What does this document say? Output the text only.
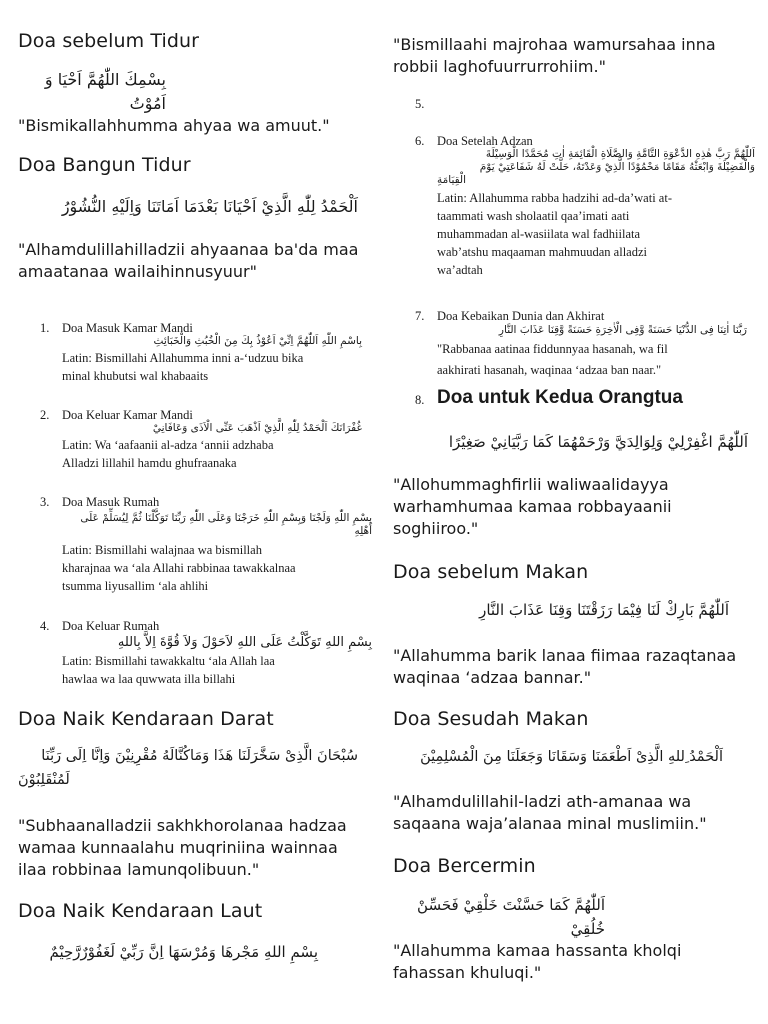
Doa sebelum Tidur

بِسْمِكَ اللّٰهُمَّ اَحْيَا وَ اَمُوْتُ

"Bismikallahhumma ahyaa wa amuut."

Doa Bangun Tidur

اَلْحَمْدُ لِلّٰهِ الَّذِيْ اَحْيَانَا بَعْدَمَا اَمَاتَنَا وَاِلَيْهِ النُّشُوْرُ

"Alhamdulillahilladzii ahyaanaa ba'da maa

amaatanaa wailaihinnusyuur"

1. Doa Masuk Kamar Mandi

بِاسْمِ اللّٰهِ اَللّٰهُمَّ اِنِّيْ اَعُوْذُ بِكَ مِنَ الْخُبُثِ وَالْخَبَائِثِ

Latin: Bismillahi Allahumma inni a-‘udzuu bika

minal khubutsi wal khabaaits

2. Doa Keluar Kamar Mandi

غُفْرَانَكَ اَلْحَمْدُ لِلّٰهِ الَّذِيْ اَذْهَبَ عَنِّى الْاَذَى وَعَافَانِيْ

Latin: Wa ‘aafaanii al-adza ‘annii adzhaba

Alladzi lillahil hamdu ghufraanaka

3. Doa Masuk Rumah

بِسْمِ اللّٰهِ وَلَجْنَا وَبِسْمِ اللّٰهِ خَرَجْنَا وَعَلَى اللّٰهِ رَبِّنَا تَوَكَّلْنَا ثُمَّ لِيُسَلِّمْ عَلَى

أَهْلِهِ

Latin: Bismillahi walajnaa wa bismillah

kharajnaa wa ‘ala Allahi rabbinaa tawakkalnaa

tsumma liyusallim ‘ala ahlihi

4. Doa Keluar Rumah

بِسْمِ اللهِ تَوَكَّلْتُ عَلَى اللهِ لاَحَوْلَ وَلاَ قُوَّةَ اِلاَّ بِاللهِ

Latin: Bismillahi tawakkaltu ‘ala Allah laa

hawlaa wa laa quwwata illa billahi

Doa Naik Kendaraan Darat

سُبْحَانَ الَّذِىْ سَخَّرَلَنَا هَذَا وَمَاكُنَّالَهُ مُقْرِنِيْنَ وَاِنَّا اِلَى رَبِّنَا

لَمُنْقَلِبُوْنَ

"Subhaanalladzii sakhkhorolanaa hadzaa

wamaa kunnaalahu muqriniina wainnaa

ilaa robbinaa lamunqolibuun."

Doa Naik Kendaraan Laut

بِسْمِ اللهِ مَجْرهَا وَمُرْسَهَا اِنَّ رَبِّيْ لَغَفُوْرٌرَّحِيْمٌ

"Bismillaahi majrohaa wamursahaa inna

robbii laghofuurrurrohiim."

5.
6. Doa Setelah Adzan

اَللّٰهُمَّ رَبَّ هٰذِهِ الدَّعْوَةِ التَّامَّةِ وَالصَّلَاةِ الْقَائِمَةِ اٰتِ مُحَمَّدًا الْوَسِيْلَةَ

وَالْفَضِيْلَةَ وَابْعَثْهُ مَقَامًا مَحْمُوْدًا الَّذِيْ وَعَدْتَهُ، حَلَّتْ لَهُ شَفَاعَتِيْ يَوْمَ

الْقِيَامَةِ

Latin: Allahumma rabba hadzihi ad-da’wati at-

taammati wash sholaatil qaa’imati aati

muhammadan al-wasiilata wal fadhiilata

wab’atshu maqaaman mahmuudan alladzi

wa’adtah

7. Doa Kebaikan Dunia dan Akhirat

رَبَّنَا اٰتِنَا فِى الدُّنْيَا حَسَنَةً وَّفِى الْاٰخِرَةِ حَسَنَةً وَّقِنَا عَذَابَ النَّارِ

"Rabbanaa aatinaa fiddunnyaa hasanah, wa fil

aakhirati hasanah, waqinaa ‘adzaa ban naar."

8. Doa untuk Kedua Orangtua

اَللّٰهُمَّ اغْفِرْلِيْ وَلِوَالِدَيَّ وَرْحَمْهُمَا كَمَا رَبَّيَانِيْ صَغِيْرًا

"Allohummaghfirlii waliwaalidayya

warhamhumaa kamaa robbayaanii

soghiiroo."

Doa sebelum Makan

اَللّٰهُمَّ بَارِكْ لَنَا فِيْمَا رَزَقْتَنَا وَقِنَا عَذَابَ النَّارِ

"Allahumma barik lanaa fiimaa razaqtanaa

waqinaa ‘adzaa bannar."

Doa Sesudah Makan

اَلْحَمْدُ ِللهِ الَّذِىْ اَطْعَمَنَا وَسَقَانَا وَجَعَلَنَا مِنَ الْمُسْلِمِيْنَ

"Alhamdulillahil-ladzi ath-amanaa wa

saqaana waja’alanaa minal muslimiin."

Doa Bercermin

اَللّٰهُمَّ كَمَا حَسَّنْتَ خَلْقِيْ فَحَسِّنْ خُلُقِيْ

"Allahumma kamaa hassanta kholqi

fahassan khuluqi."
